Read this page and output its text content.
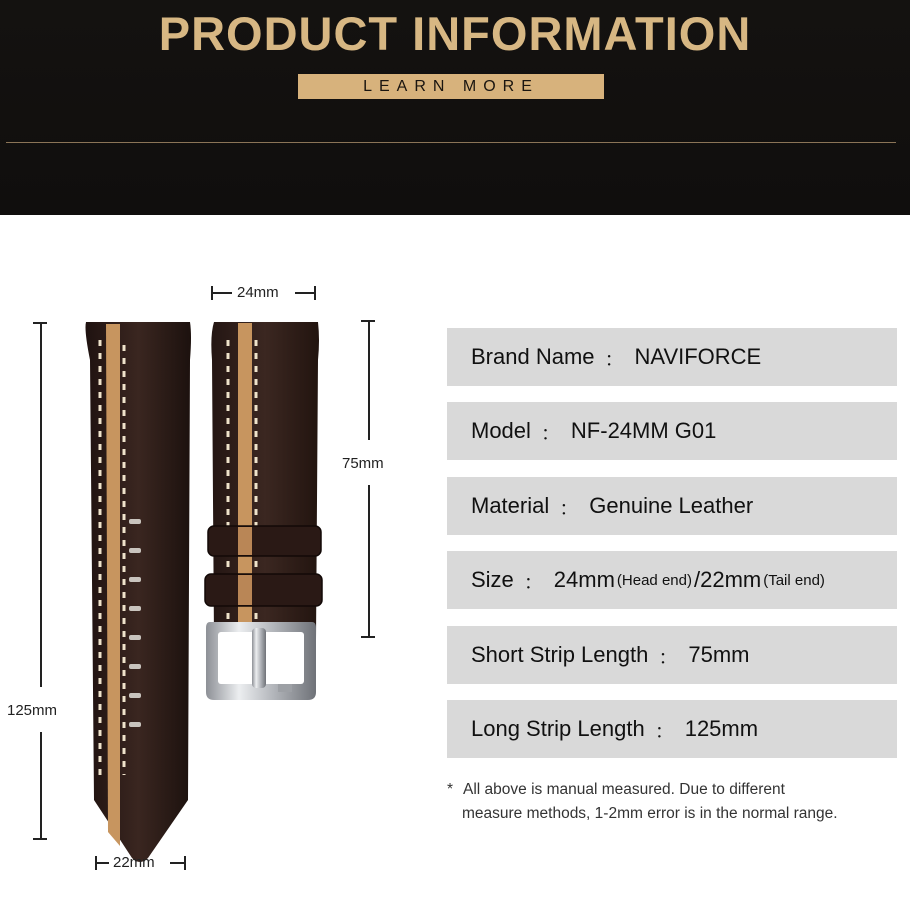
PRODUCT INFORMATION
LEARN MORE
24mm
22mm
125mm
75mm
Brand Name ： NAVIFORCE
Model ： NF-24MM G01
Material ： Genuine Leather
Size ： 24mm (Head end) / 22mm (Tail end)
Short Strip Length ： 75mm
Long Strip Length ： 125mm
* All above is manual measured. Due to different
measure methods, 1-2mm error is in the normal range.
